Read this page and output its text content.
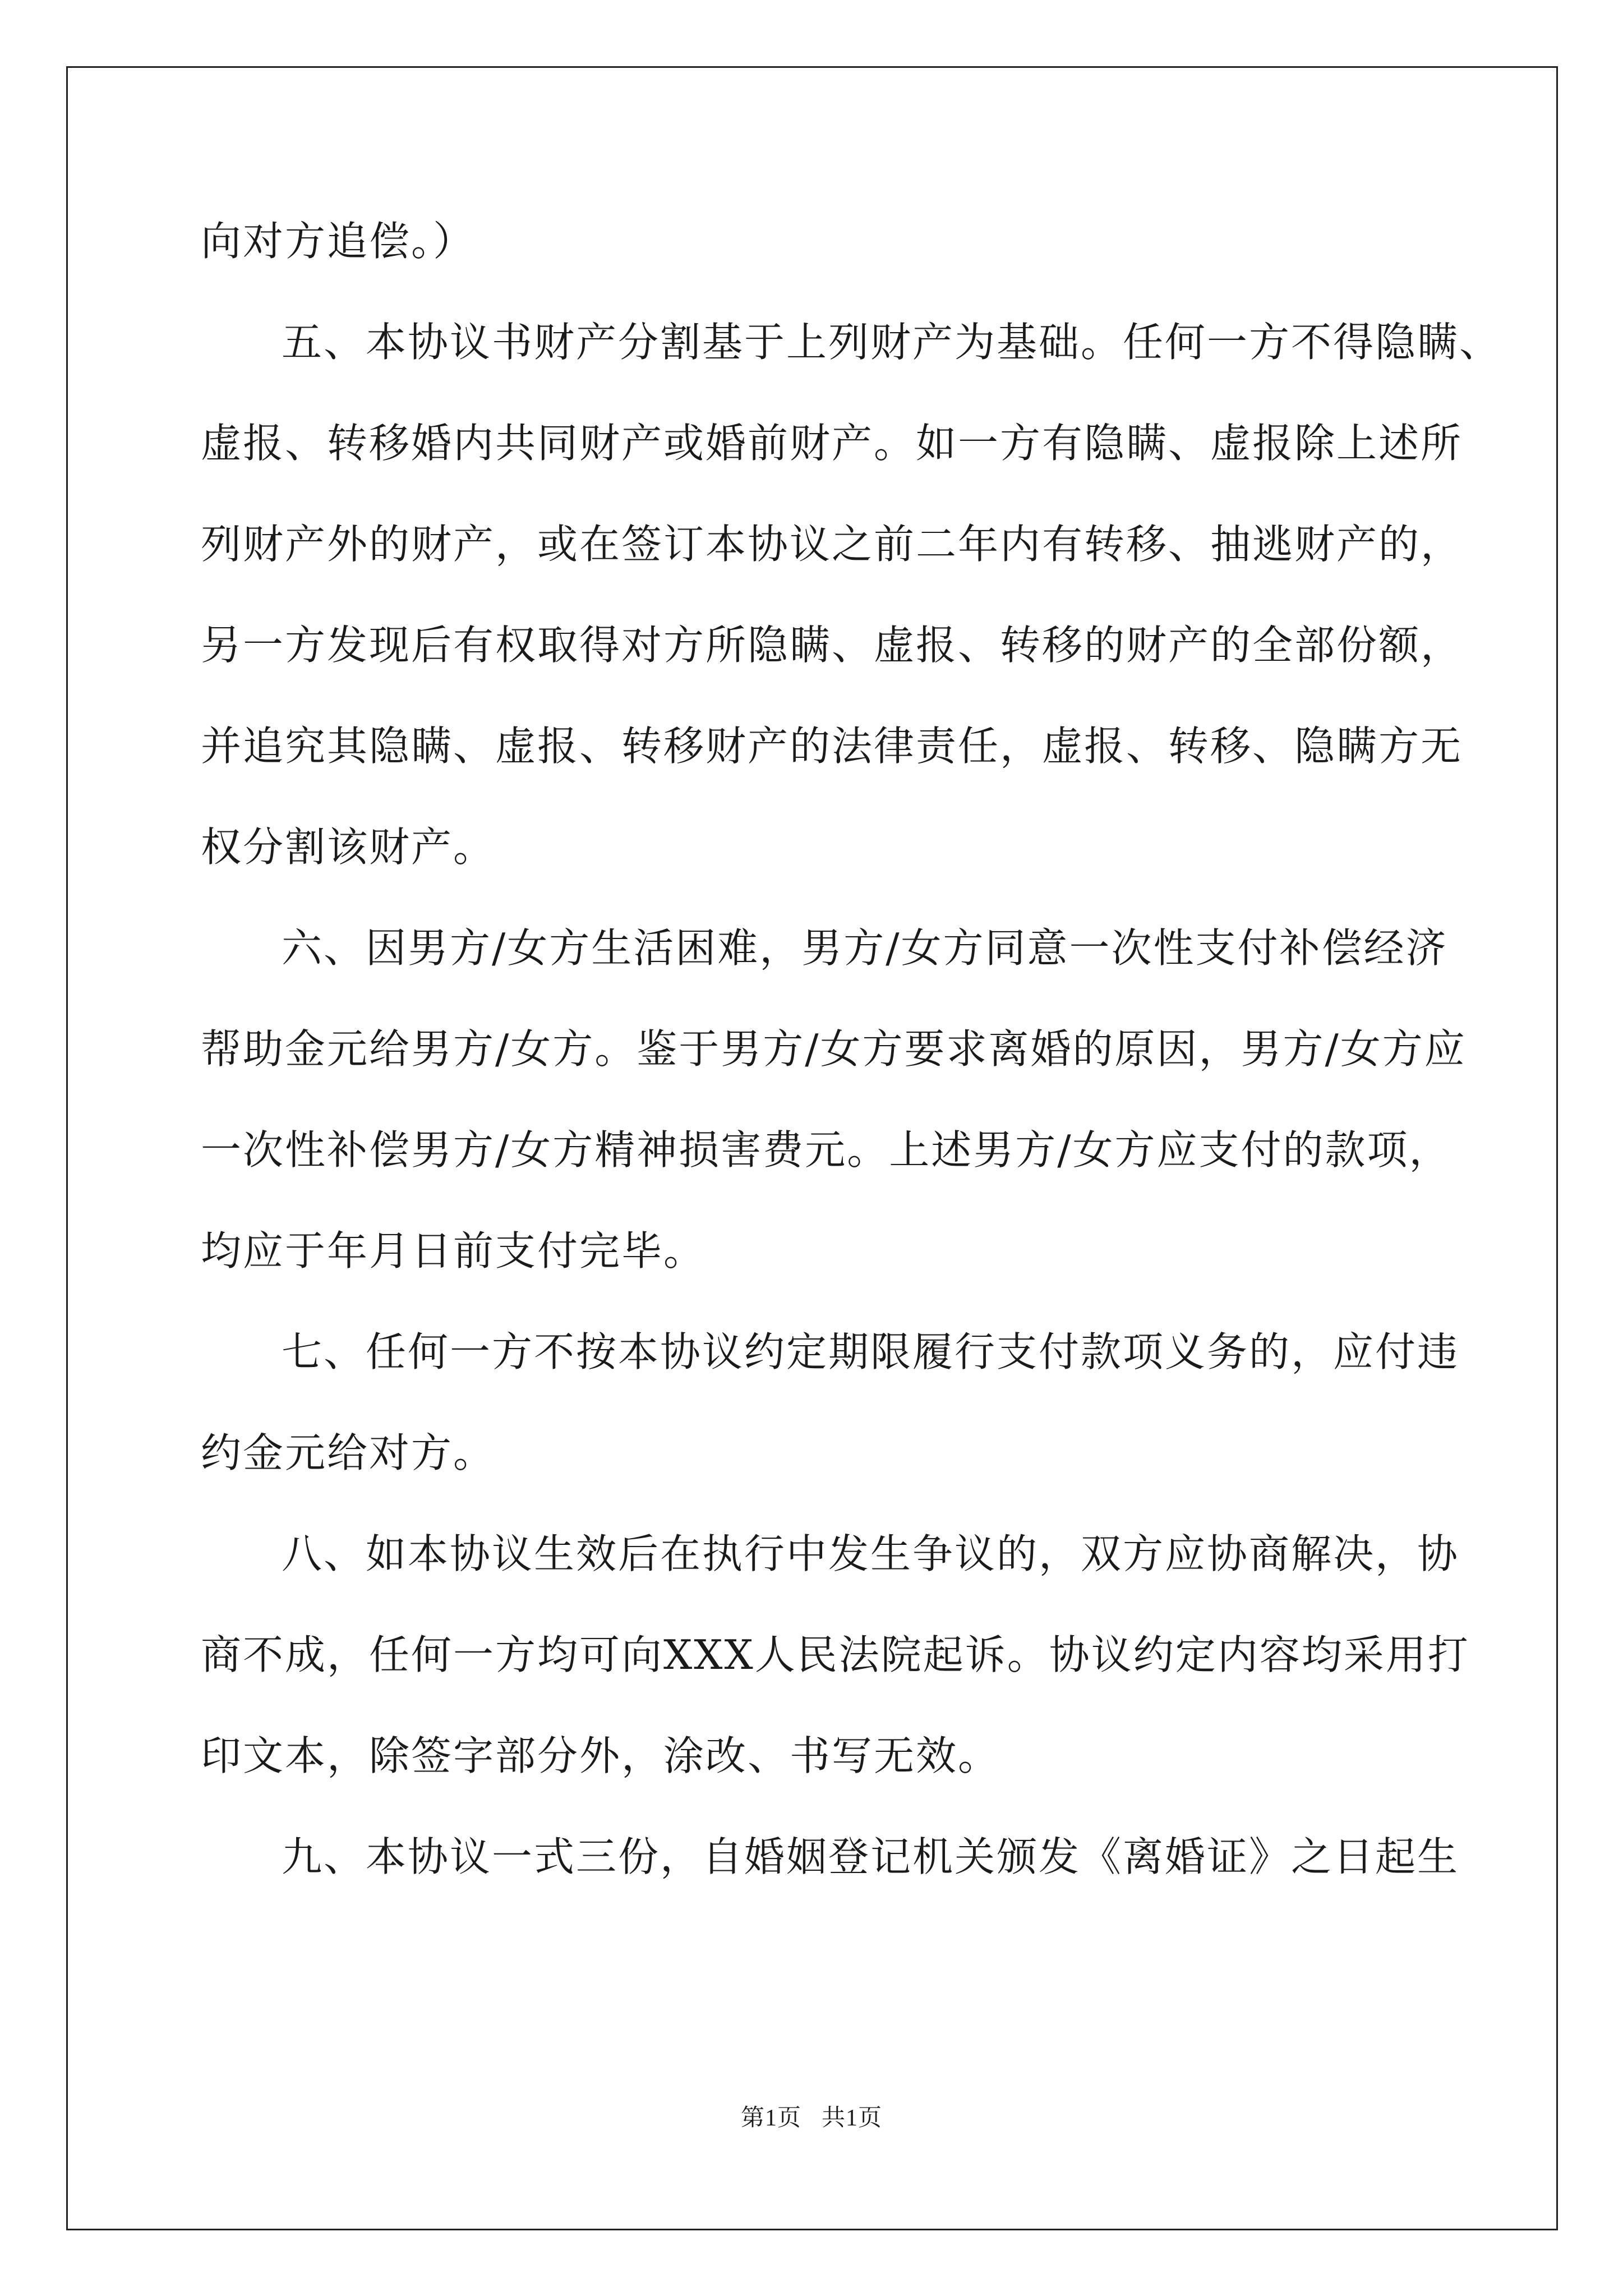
向对方追偿。）
五、本协议书财产分割基于上列财产为基础。任何一方不得隐瞒、
虚报、转移婚内共同财产或婚前财产。如一方有隐瞒、虚报除上述所
列财产外的财产，或在签订本协议之前二年内有转移、抽逃财产的，
另一方发现后有权取得对方所隐瞒、虚报、转移的财产的全部份额，
并追究其隐瞒、虚报、转移财产的法律责任，虚报、转移、隐瞒方无
权分割该财产。
六、因男方/女方生活困难，男方/女方同意一次性支付补偿经济
帮助金元给男方/女方。鉴于男方/女方要求离婚的原因，男方/女方应
一次性补偿男方/女方精神损害费元。上述男方/女方应支付的款项，
均应于年月日前支付完毕。
七、任何一方不按本协议约定期限履行支付款项义务的，应付违
约金元给对方。
八、如本协议生效后在执行中发生争议的，双方应协商解决，协
商不成，任何一方均可向XXX人民法院起诉。协议约定内容均采用打
印文本，除签字部分外，涂改、书写无效。
九、本协议一式三份，自婚姻登记机关颁发《离婚证》之日起生
第1页 共1页
